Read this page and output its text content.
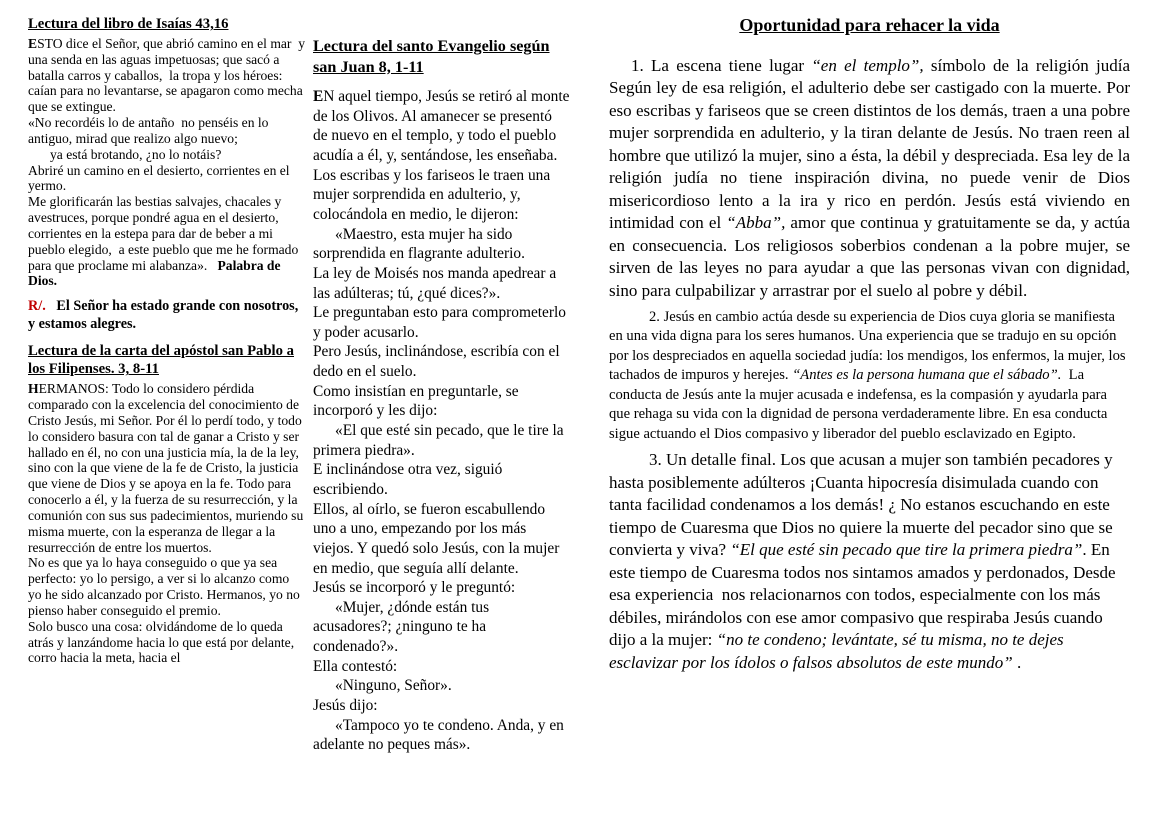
Lectura del libro de Isaías 43,16

ESTO dice el Señor, que abrió camino en el mar  y una senda en las aguas impetuosas; que sacó a batalla carros y caballos,  la tropa y los héroes: caían para no levantarse, se apagaron como mecha que se extingue.

«No recordéis lo de antaño  no penséis en lo antiguo, mirad que realizo algo nuevo;

ya está brotando, ¿no lo notáis?

Abriré un camino en el desierto, corrientes en el yermo.

Me glorificarán las bestias salvajes, chacales y avestruces, porque pondré agua en el desierto, corrientes en la estepa para dar de beber a mi pueblo elegido,  a este pueblo que me he formado para que proclame mi alabanza».   Palabra de Dios.

R/. El Señor ha estado grande con nosotros,  y estamos alegres.
Lectura de la carta del apóstol san Pablo a los Filipenses. 3, 8-11

HERMANOS: Todo lo considero pérdida comparado con la excelencia del conocimiento de Cristo Jesús, mi Señor. Por él lo perdí todo, y todo lo considero basura con tal de ganar a Cristo y ser hallado en él, no con una justicia mía, la de la ley, sino con la que viene de la fe de Cristo, la justicia que viene de Dios y se apoya en la fe. Todo para conocerlo a él, y la fuerza de su resurrección, y la comunión con sus sus padecimientos, muriendo su misma muerte, con la esperanza de llegar a la resurrección de entre los muertos.

No es que ya lo haya conseguido o que ya sea perfecto: yo lo persigo, a ver si lo alcanzo como yo he sido alcanzado por Cristo. Hermanos, yo no pienso haber conseguido el premio.

Solo busco una cosa: olvidándome de lo queda atrás y lanzándome hacia lo que está por delante, corro hacia la meta, hacia el

Lectura del santo Evangelio según san Juan 8, 1-11

EN aquel tiempo, Jesús se retiró al monte de los Olivos. Al amanecer se presentó de nuevo en el templo, y todo el pueblo acudía a él, y, sentándose, les enseñaba.

Los escribas y los fariseos le traen una mujer sorprendida en adulterio, y, colocándola en medio, le dijeron:

«Maestro, esta mujer ha sido sorprendida en flagrante adulterio.

La ley de Moisés nos manda apedrear a las adúlteras; tú, ¿qué dices?».

Le preguntaban esto para comprometerlo y poder acusarlo.

Pero Jesús, inclinándose, escribía con el dedo en el suelo.

Como insistían en preguntarle, se incorporó y les dijo:

«El que esté sin pecado, que le tire la primera piedra».

E inclinándose otra vez, siguió escribiendo.

Ellos, al oírlo, se fueron escabullendo uno a uno, empezando por los más viejos. Y quedó solo Jesús, con la mujer en medio, que seguía allí delante.

Jesús se incorporó y le preguntó:

«Mujer, ¿dónde están tus acusadores?; ¿ninguno te ha condenado?».

Ella contestó:

«Ninguno, Señor».

Jesús dijo:

«Tampoco yo te condeno. Anda, y en adelante no peques más».

Oportunidad para rehacer la vida

1. La escena tiene lugar “en el templo”, símbolo de la religión judía Según ley de esa religión, el adulterio debe ser castigado con la muerte. Por eso escribas y fariseos que se creen distintos de los demás, traen a una pobre mujer sorprendida en adulterio, y la tiran delante de Jesús. No traen reen al hombre que utilizó la mujer, sino a ésta, la débil y despreciada. Esa ley de la religión judía no tiene inspiración divina, no puede venir de Dios misericordioso lento a la ira y rico en perdón. Jesús está viviendo en intimidad con el “Abba”, amor que continua y gratuitamente se da, y actúa en consecuencia. Los religiosos soberbios condenan a la pobre mujer, se sirven de las leyes no para ayudar a que las personas vivan con dignidad, sino para culpabilizar y arrastrar por el suelo al pobre y débil.

2. Jesús en cambio actúa desde su experiencia de Dios cuya gloria se manifiesta en una vida digna para los seres humanos. Una experiencia que se tradujo en su opción por los despreciados en aquella sociedad judía: los mendigos, los enfermos, la mujer, los tachados de impuros y herejes. “Antes es la persona humana que el sábado”.  La conducta de Jesús ante la mujer acusada e indefensa, es la compasión y ayudarla para que rehaga su vida con la dignidad de persona verdaderamente libre. En esa conducta sigue actuando el Dios compasivo y liberador del pueblo esclavizado en Egipto.

3. Un detalle final. Los que acusan a mujer son también pecadores y hasta posiblemente adúlteros ¡Cuanta hipocresía disimulada cuando con tanta facilidad condenamos a los demás! ¿ No estanos escuchando en este tiempo de Cuaresma que Dios no quiere la muerte del pecador sino que se convierta y viva? “El que esté sin pecado que tire la primera piedra”. En este tiempo de Cuaresma todos nos sintamos amados y perdonados, Desde esa experiencia  nos relacionarnos con todos, especialmente con los más  débiles, mirándolos con ese amor compasivo que respiraba Jesús cuando  dijo a la mujer: “no te condeno; levántate, sé tu misma, no te dejes esclavizar por los ídolos o falsos absolutos de este mundo” .
